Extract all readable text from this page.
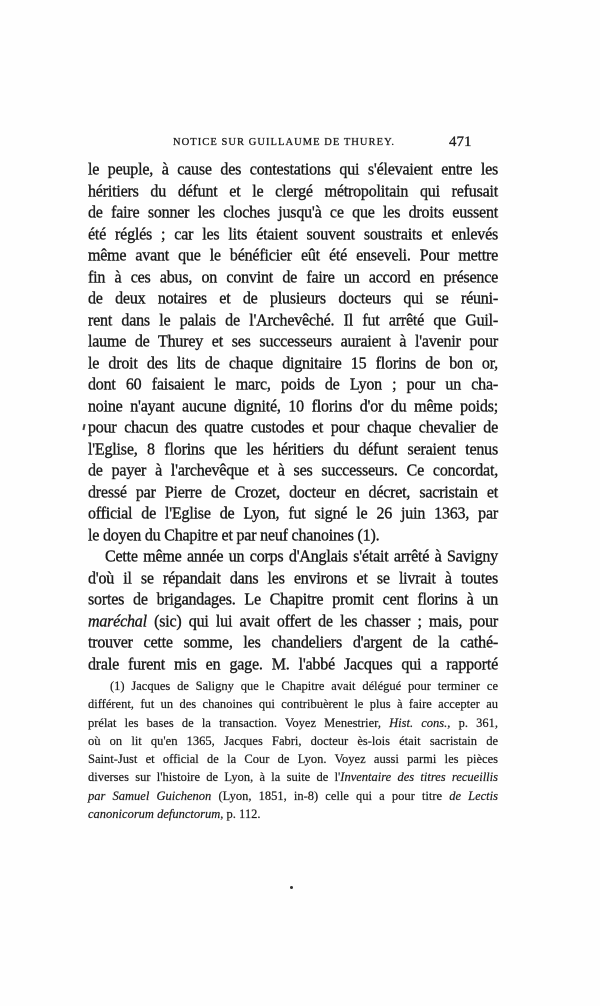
NOTICE SUR GUILLAUME DE THUREY.	471
le peuple, à cause des contestations qui s'élevaient entre les
héritiers du défunt et le clergé métropolitain qui refusait
de faire sonner les cloches jusqu'à ce que les droits eussent
été réglés ; car les lits étaient souvent soustraits et enlevés
même avant que le bénéficier eût été enseveli. Pour mettre
fin à ces abus, on convint de faire un accord en présence
de deux notaires et de plusieurs docteurs qui se réuni-
rent dans le palais de l'Archevêché. Il fut arrêté que Guil-
laume de Thurey et ses successeurs auraient à l'avenir pour
le droit des lits de chaque dignitaire 15 florins de bon or,
dont 60 faisaient le marc, poids de Lyon ; pour un cha-
noine n'ayant aucune dignité, 10 florins d'or du même poids;
pour chacun des quatre custodes et pour chaque chevalier de
l'Eglise, 8 florins que les héritiers du défunt seraient tenus
de payer à l'archevêque et à ses successeurs. Ce concordat,
dressé par Pierre de Crozet, docteur en décret, sacristain et
official de l'Eglise de Lyon, fut signé le 26 juin 1363, par
le doyen du Chapitre et par neuf chanoines (1).
Cette même année un corps d'Anglais s'était arrêté à Savigny
d'où il se répandait dans les environs et se livrait à toutes
sortes de brigandages. Le Chapitre promit cent florins à un
maréchal (sic) qui lui avait offert de les chasser ; mais, pour
trouver cette somme, les chandeliers d'argent de la cathé-
drale furent mis en gage. M. l'abbé Jacques qui a rapporté
(1) Jacques de Saligny que le Chapitre avait délégué pour terminer ce
différent, fut un des chanoines qui contribuèrent le plus à faire accepter au
prélat les bases de la transaction. Voyez Menestrier, Hist. cons., p. 361,
où on lit qu'en 1365, Jacques Fabri, docteur ès-lois était sacristain de
Saint-Just et official de la Cour de Lyon. Voyez aussi parmi les pièces
diverses sur l'histoire de Lyon, à la suite de l'Inventaire des titres recueillis
par Samuel Guichenon (Lyon, 1851, in-8) celle qui a pour titre de Lectis
canonicorum defunctorum, p. 112.
